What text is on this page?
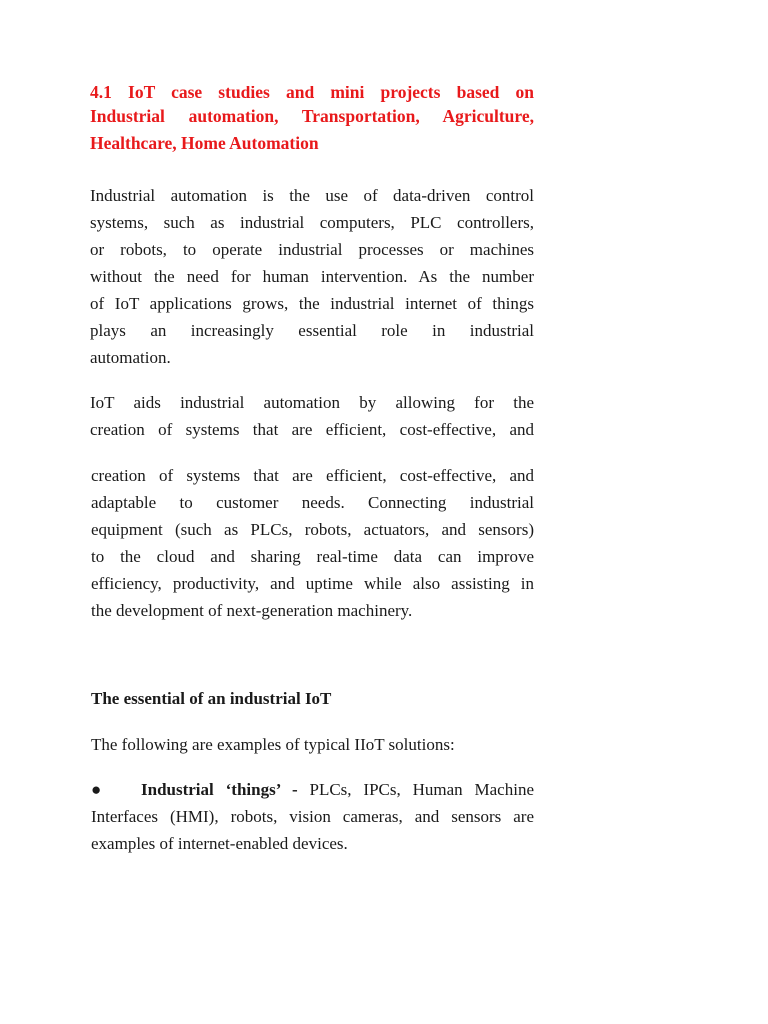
4.1 IoT case studies and mini projects based on
Industrial automation, Transportation, Agriculture,
Healthcare, Home Automation
Industrial automation is the use of data-driven control
systems, such as industrial computers, PLC controllers,
or robots, to operate industrial processes or machines
without the need for human intervention. As the number
of IoT applications grows, the industrial internet of things
plays an increasingly essential role in industrial
automation.
IoT aids industrial automation by allowing for the
creation of systems that are efficient, cost-effective, and
creation of systems that are efficient, cost-effective, and
adaptable to customer needs. Connecting industrial
equipment (such as PLCs, robots, actuators, and sensors)
to the cloud and sharing real-time data can improve
efficiency, productivity, and uptime while also assisting in
the development of next-generation machinery.
The essential of an industrial IoT
The following are examples of typical IIoT solutions:
● Industrial ‘things’ - PLCs, IPCs, Human Machine
Interfaces (HMI), robots, vision cameras, and sensors are
examples of internet-enabled devices.
